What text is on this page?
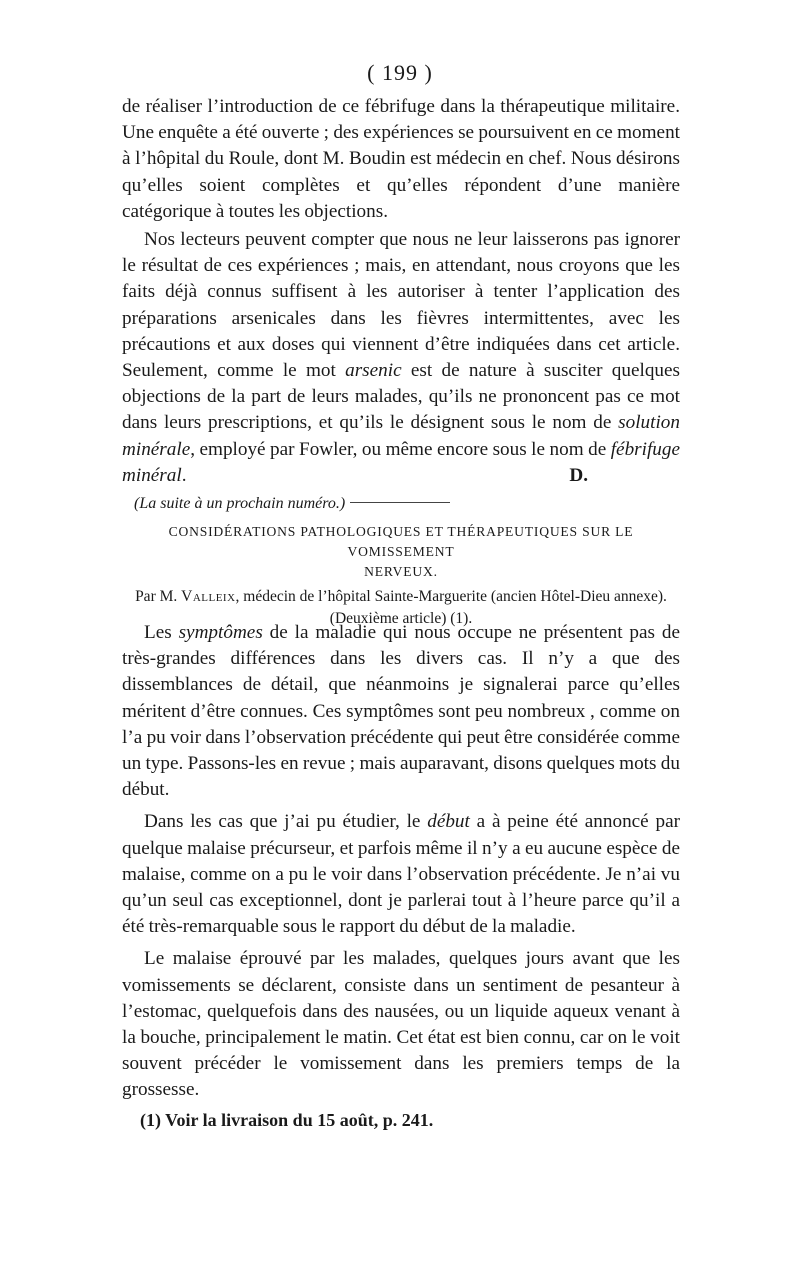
( 199 )

de réaliser l’introduction de ce fébrifuge dans la thérapeutique militaire. Une enquête a été ouverte ; des expériences se poursuivent en ce moment à l’hôpital du Roule, dont M. Boudin est médecin en chef. Nous désirons qu’elles soient complètes et qu’elles répondent d’une manière catégorique à toutes les objections.

Nos lecteurs peuvent compter que nous ne leur laisserons pas ignorer le résultat de ces expériences ; mais, en attendant, nous croyons que les faits déjà connus suffisent à les autoriser à tenter l’application des préparations arsenicales dans les fièvres intermittentes, avec les précautions et aux doses qui viennent d’être indiquées dans cet article. Seulement, comme le mot arsenic est de nature à susciter quelques objections de la part de leurs malades, qu’ils ne prononcent pas ce mot dans leurs prescriptions, et qu’ils le désignent sous le nom de solution minérale, employé par Fowler, ou même encore sous le nom de fébrifuge minéral.	D.

(La suite à un prochain numéro.)

CONSIDÉRATIONS PATHOLOGIQUES ET THÉRAPEUTIQUES SUR LE VOMISSEMENT

NERVEUX.

Par M. Valleix, médecin de l’hôpital Sainte-Marguerite (ancien Hôtel-Dieu annexe).

(Deuxième article) (1).

Les symptômes de la maladie qui nous occupe ne présentent pas de très-grandes différences dans les divers cas. Il n’y a que des dissemblances de détail, que néanmoins je signalerai parce qu’elles méritent d’être connues. Ces symptômes sont peu nombreux , comme on l’a pu voir dans l’observation précédente qui peut être considérée comme un type. Passons-les en revue ; mais auparavant, disons quelques mots du début.

Dans les cas que j’ai pu étudier, le début a à peine été annoncé par quelque malaise précurseur, et parfois même il n’y a eu aucune espèce de malaise, comme on a pu le voir dans l’observation précédente. Je n’ai vu qu’un seul cas exceptionnel, dont je parlerai tout à l’heure parce qu’il a été très-remarquable sous le rapport du début de la maladie.

Le malaise éprouvé par les malades, quelques jours avant que les vomissements se déclarent, consiste dans un sentiment de pesanteur à l’estomac, quelquefois dans des nausées, ou un liquide aqueux venant à la bouche, principalement le matin. Cet état est bien connu, car on le voit souvent précéder le vomissement dans les premiers temps de la grossesse.

(1) Voir la livraison du 15 août, p. 241.
